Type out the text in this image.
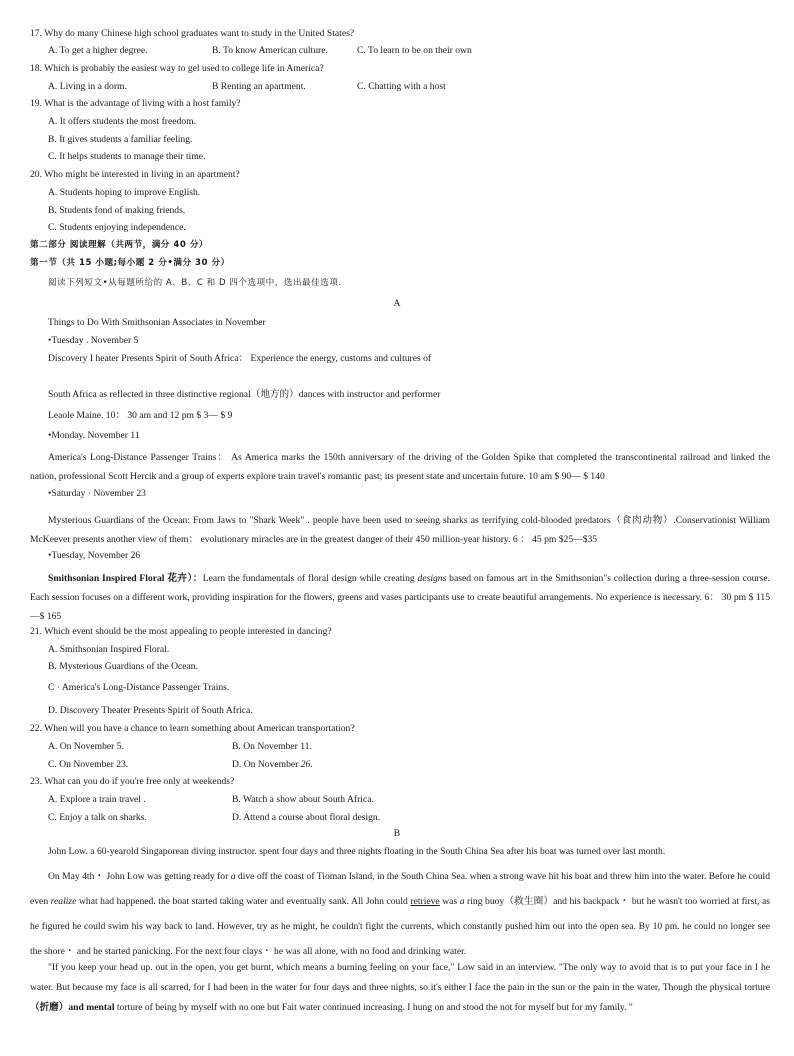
17. Why do many Chinese high school graduates want to study in the United States?
A. To get a higher degree.	B. To know American culture.	C. To learn to be on their own
18. Which is probably the easiest way to gel used to college life in America?
A. Living in a dorm.	B Renting an apartment.	C. Chatting with a host
19. What is the advantage of living with a host family?
A. It offers students the most freedom.
B. It gives students a familiar feeling.
C. It helps students to manage their time.
20. Who might be interested in living in an apartment?
A. Students hoping to improve English.
B. Students fond of making friends.
C. Students enjoying independence.
第二部分 阅读理解（共两节，满分 40 分）
第一节（共 15 小题;每小题 2 分•满分 30 分）
阅读下列短文•从每题所给的 A、B、C 和 D 四个选项中，选出最佳选项.
A
Things to Do With Smithsonian Associates in November
•Tuesday . November 5
Discovery I heater Presents Spirit of South Africa： Experience the energy, customs and cultures of
South Africa as reflected in three distinctive regional（地方的）dances with instructor and performer
Leaole Maine. 10： 30 am and 12 pm $ 3— $ 9
•Monday. November 11
America's Long-Distance Passenger Trains： As America marks the 150th anniversary of the driving of the Golden Spike that completed the transcontinental railroad and linked the nation, professional Scott Hercik and a group of experts explore train travel's romantic past; its present state and uncertain future. 10 am $ 90— $ 140
•Saturday · November 23
Mysterious Guardians of the Ocean: From Jaws to "Shark Week" . people have been used to seeing sharks as terrifying cold-blooded predators（食肉动物）.Conservationist William McKeever presents another view of them： evolutionary miracles are in the greatest danger of their 450 million-year history. 6 ： 45 pm $25—$35
•Tuesday, November 26
Smithsonian Inspired Floral 花卉）：Learn the fundamentals of floral design while creating designs based on famous art in the Smithsonian"s collection during a three-session course. Each session focuses on a different work, providing inspiration for the flowers, greens and vases participants use to create beautiful arrangements. No experience is necessary. 6： 30 pm $ 115—$ 165
21. Which event should be the most appealing to people interested in dancing?
A. Smithsonian Inspired Floral.
B. Mysterious Guardians of the Ocean.
C · America's Long-Distance Passenger Trains.
D. Discovery Theater Presents Spirit of South Africa.
22. When will you have a chance to learn something about American transportation?
A. On November 5.	B. On November 11.
C. On November 23.	D. On November 26.
23. What can you do if you're free only at weekends?
A. Explore a train travel .	B. Watch a show about South Africa.
C. Enjoy a talk on sharks.	D. Attend a course about floral design.
B
John Low. a 60-yearold Singaporean diving instructor. spent four days and three nights floating in the South China Sea after his boat was turned over last month.
On May 4th・ John Low was getting ready for a dive off the coast of Tioman Island, in the South China Sea. when a strong wave hit his boat and threw him into the water. Before he could even realize what had happened. the boat started taking water and eventually sank. All John could retrieve was a ring buoy（救生圈）and his backpack・ but he wasn't too worried at first, as he figured he could swim his way back to land. However, try as he might, he couldn't fight the currents, which constantly pushed him out into the open sea. By 10 pm. he could no longer see the shore・ and he started panicking. For the next four clays・ he was all alone, with no food and drinking water.
"If you keep your head up. out in the open, you get burnt, which means a burning feeling on your face," Low said in an interview. "The only way to avoid that is to put your face in I he water. But because my face is all scarred, for I had been in the water for four days and three nights, so it's either I face the pain in the sun or the pain in the water, Though the physical torture（折磨）and mental torture of being by myself with no one but Fait water continued increasing. I hung on and stood the not for myself but for my family. "
